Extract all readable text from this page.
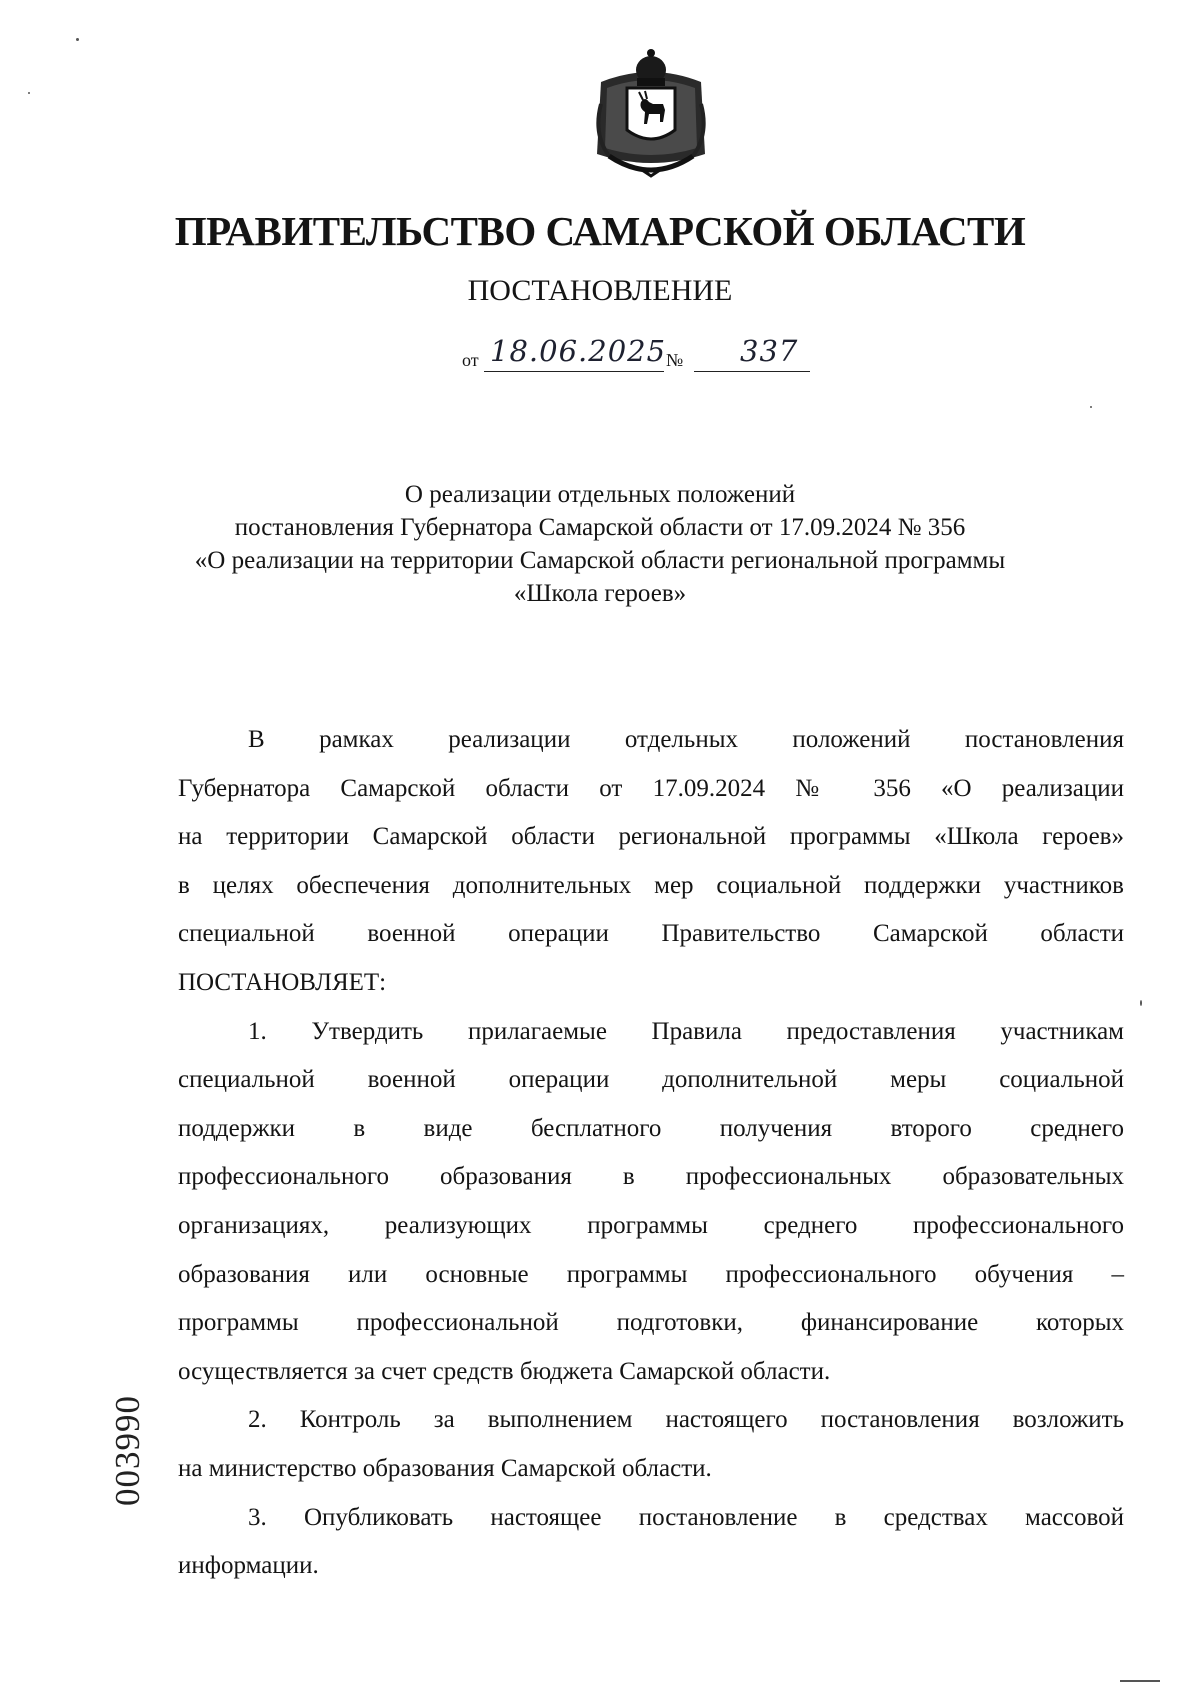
ПРАВИТЕЛЬСТВО САМАРСКОЙ ОБЛАСТИ
ПОСТАНОВЛЕНИЕ
от 18.06.2025 № 337
О реализации отдельных положений
постановления Губернатора Самарской области от 17.09.2024 № 356
«О реализации на территории Самарской области региональной программы
«Школа героев»

В рамках реализации отдельных положений постановления
Губернатора Самарской области от 17.09.2024 № 356 «О реализации
на территории Самарской области региональной программы «Школа героев»
в целях обеспечения дополнительных мер социальной поддержки участников
специальной военной операции Правительство Самарской области
ПОСТАНОВЛЯЕТ:

1. Утвердить прилагаемые Правила предоставления участникам
специальной военной операции дополнительной меры социальной
поддержки в виде бесплатного получения второго среднего
профессионального образования в профессиональных образовательных
организациях, реализующих программы среднего профессионального
образования или основные программы профессионального обучения –
программы профессиональной подготовки, финансирование которых
осуществляется за счет средств бюджета Самарской области.

2. Контроль за выполнением настоящего постановления возложить
на министерство образования Самарской области.

3. Опубликовать настоящее постановление в средствах массовой
информации.

003990
